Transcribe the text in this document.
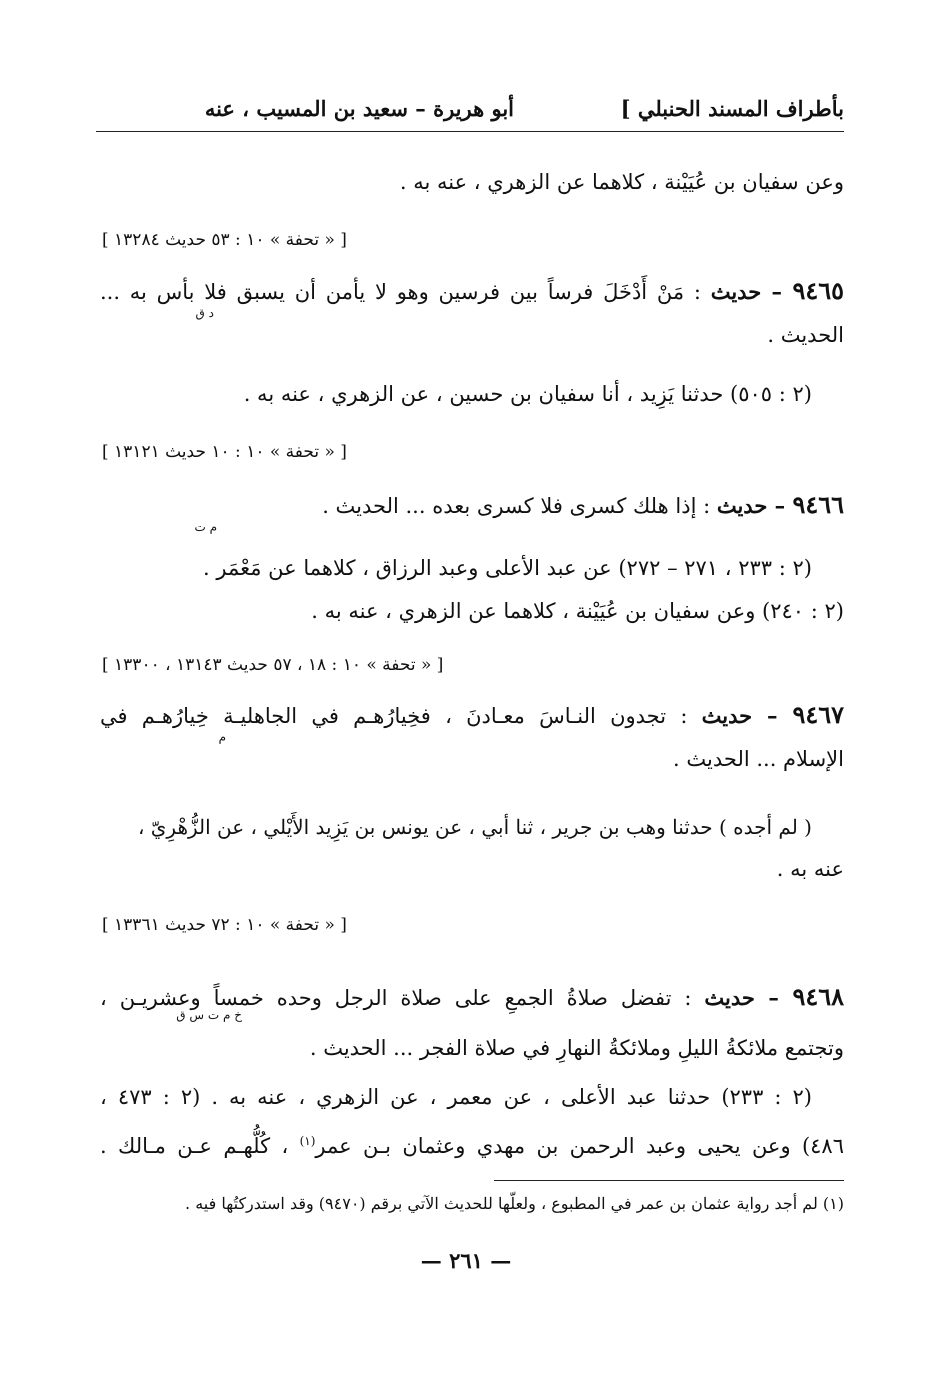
بأطراف المسند الحنبلي ]
أبو هريرة – سعيد بن المسيب ، عنه
وعن سفيان بن عُيَيْنة ، كلاهما عن الزهري ، عنه به .
[ « تحفة » ١٠ : ٥٣ حديث ١٣٢٨٤ ]
٩٤٦٥ – حديث : مَنْ أَدْخَلَ فرساً بين فرسين وهو لا يأمن أن يسبق فلا بأس به ...
د ق
الحديث .
(٢ : ٥٠٥) حدثنا يَزِيد ، أنا سفيان بن حسين ، عن الزهري ، عنه به .
[ « تحفة » ١٠ : ١٠ حديث ١٣١٢١ ]
٩٤٦٦ – حديث : إذا هلك كسرى فلا كسرى بعده ... الحديث .
م ت
(٢ : ٢٣٣ ، ٢٧١ – ٢٧٢) عن عبد الأعلى وعبد الرزاق ، كلاهما عن مَعْمَر .
(٢ : ٢٤٠) وعن سفيان بن عُيَيْنة ، كلاهما عن الزهري ، عنه به .
[ « تحفة » ١٠ : ١٨ ، ٥٧ حديث ١٣١٤٣ ، ١٣٣٠٠ ]
٩٤٦٧ – حديث : تجدون النـاسَ معـادنَ ، فخِيارُهـم في الجاهليـة خِيارُهـم في
م
الإسلام ... الحديث .
( لم أجده ) حدثنا وهب بن جرير ، ثنا أبي ، عن يونس بن يَزِيد الأَيْلي ، عن الزُّهْرِيّ ،
عنه به .
[ « تحفة » ١٠ : ٧٢ حديث ١٣٣٦١ ]
٩٤٦٨ – حديث : تفضل صلاةُ الجمعِ على صلاة الرجل وحده خمساً وعشريـن ،
خ م ت س ق
وتجتمع ملائكةُ الليلِ وملائكةُ النهارِ في صلاة الفجر ... الحديث .
(٢ : ٢٣٣) حدثنا عبد الأعلى ، عن معمر ، عن الزهري ، عنه به . (٢ : ٤٧٣ ،
٤٨٦) وعن يحيى وعبد الرحمن بن مهدي وعثمان بـن عمر$^{(١)}$ ، كُلُّهـم عـن مـالك .
(١) لم أجد رواية عثمان بن عمر في المطبوع ، ولعلّها للحديث الآتي برقم (٩٤٧٠) وقد استدركتُها فيه .
— ٢٦١ —
